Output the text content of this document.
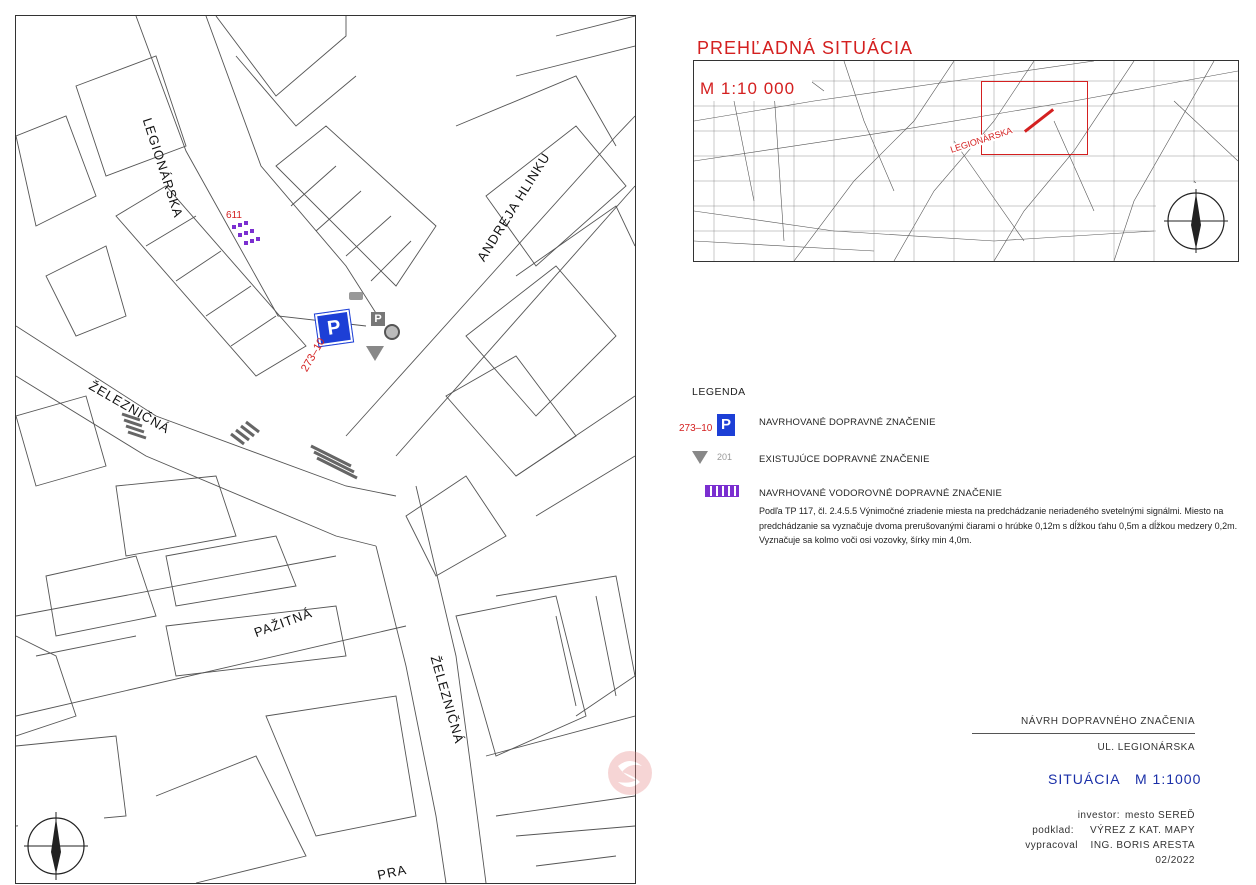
LEGIONÁRSKA	ANDREJA HLINKU
ŽELEZNIČNÁ
ŽELEZNIČNÁ
PAŽITNÁ
PRA
611
P
273–10
P
PREHĽADNÁ SITUÁCIA
M 1:10 000
LEGIONÁRSKA
LEGENDA
273–10 P	NAVRHOVANÉ DOPRAVNÉ ZNAČENIE
201	EXISTUJÚCE DOPRAVNÉ ZNAČENIE
NAVRHOVANÉ VODOROVNÉ DOPRAVNÉ ZNAČENIE
Podľa TP 117, čl. 2.4.5.5 Výnimočné zriadenie miesta na predchádzanie neriadeného svetelnými signálmi. Miesto na predchádzanie sa vyznačuje dvoma prerušovanými čiarami o hrúbke 0,12m s dĺžkou ťahu 0,5m a dĺžkou medzery 0,2m. Vyznačuje sa kolmo voči osi vozovky, šírky min 4,0m.
NÁVRH DOPRAVNÉHO ZNAČENIA
UL. LEGIONÁRSKA
SITUÁCIA M 1:1000
investor: mesto SEREĎ
podklad: VÝREZ Z KAT. MAPY
vypracoval ING. BORIS ARESTA
02/2022
